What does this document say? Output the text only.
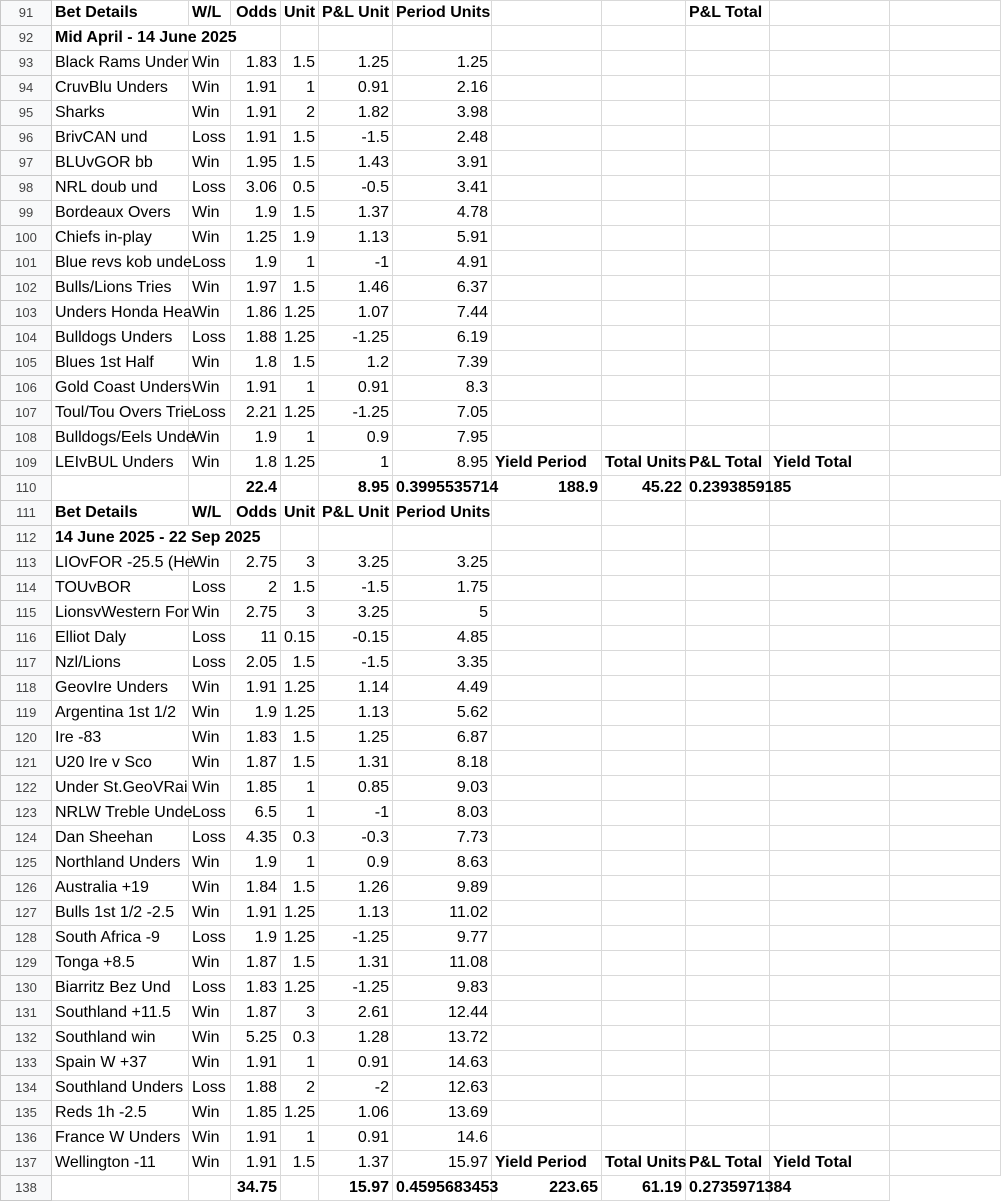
91	Bet Details	W/L	Odds	Unit	P&L Unit	Period Units			P&L Total			
92	Mid April - 14 June 2025											
93	Black Rams Under	Win	1.83	1.5	1.25	1.25						
94	CruvBlu Unders	Win	1.91	1	0.91	2.16						
95	Sharks	Win	1.91	2	1.82	3.98						
96	BrivCAN und	Loss	1.91	1.5	-1.5	2.48						
97	BLUvGOR bb	Win	1.95	1.5	1.43	3.91						
98	NRL doub und	Loss	3.06	0.5	-0.5	3.41						
99	Bordeaux Overs	Win	1.9	1.5	1.37	4.78						
100	Chiefs in-play	Win	1.25	1.9	1.13	5.91						
101	Blue revs kob unde	Loss	1.9	1	-1	4.91						
102	Bulls/Lions Tries	Win	1.97	1.5	1.46	6.37						
103	Unders Honda Hea	Win	1.86	1.25	1.07	7.44						
104	Bulldogs Unders	Loss	1.88	1.25	-1.25	6.19						
105	Blues 1st Half	Win	1.8	1.5	1.2	7.39						
106	Gold Coast Unders	Win	1.91	1	0.91	8.3						
107	Toul/Tou Overs Trie	Loss	2.21	1.25	-1.25	7.05						
108	Bulldogs/Eels Unde	Win	1.9	1	0.9	7.95						
109	LEIvBUL Unders	Win	1.8	1.25	1	8.95	Yield Period	Total Units	P&L Total	Yield Total		
110			22.4		8.95	0.3995535714	188.9	45.22	0.2393859185			
111	Bet Details	W/L	Odds	Unit	P&L Unit	Period Units						
112	14 June 2025 - 22 Sep 2025											
113	LIOvFOR -25.5 (He	Win	2.75	3	3.25	3.25						
114	TOUvBOR	Loss	2	1.5	-1.5	1.75						
115	LionsvWestern For	Win	2.75	3	3.25	5						
116	Elliot Daly	Loss	11	0.15	-0.15	4.85						
117	Nzl/Lions	Loss	2.05	1.5	-1.5	3.35						
118	GeovIre Unders	Win	1.91	1.25	1.14	4.49						
119	Argentina 1st 1/2	Win	1.9	1.25	1.13	5.62						
120	Ire -83	Win	1.83	1.5	1.25	6.87						
121	U20 Ire v Sco	Win	1.87	1.5	1.31	8.18						
122	Under St.GeoVRai	Win	1.85	1	0.85	9.03						
123	NRLW Treble Unde	Loss	6.5	1	-1	8.03						
124	Dan Sheehan	Loss	4.35	0.3	-0.3	7.73						
125	Northland Unders	Win	1.9	1	0.9	8.63						
126	Australia +19	Win	1.84	1.5	1.26	9.89						
127	Bulls 1st 1/2 -2.5	Win	1.91	1.25	1.13	11.02						
128	South Africa -9	Loss	1.9	1.25	-1.25	9.77						
129	Tonga +8.5	Win	1.87	1.5	1.31	11.08						
130	Biarritz Bez Und	Loss	1.83	1.25	-1.25	9.83						
131	Southland +11.5	Win	1.87	3	2.61	12.44						
132	Southland win	Win	5.25	0.3	1.28	13.72						
133	Spain W +37	Win	1.91	1	0.91	14.63						
134	Southland Unders	Loss	1.88	2	-2	12.63						
135	Reds 1h -2.5	Win	1.85	1.25	1.06	13.69						
136	France W Unders	Win	1.91	1	0.91	14.6						
137	Wellington -11	Win	1.91	1.5	1.37	15.97	Yield Period	Total Units	P&L Total	Yield Total		
138			34.75		15.97	0.4595683453	223.65	61.19	0.2735971384			
